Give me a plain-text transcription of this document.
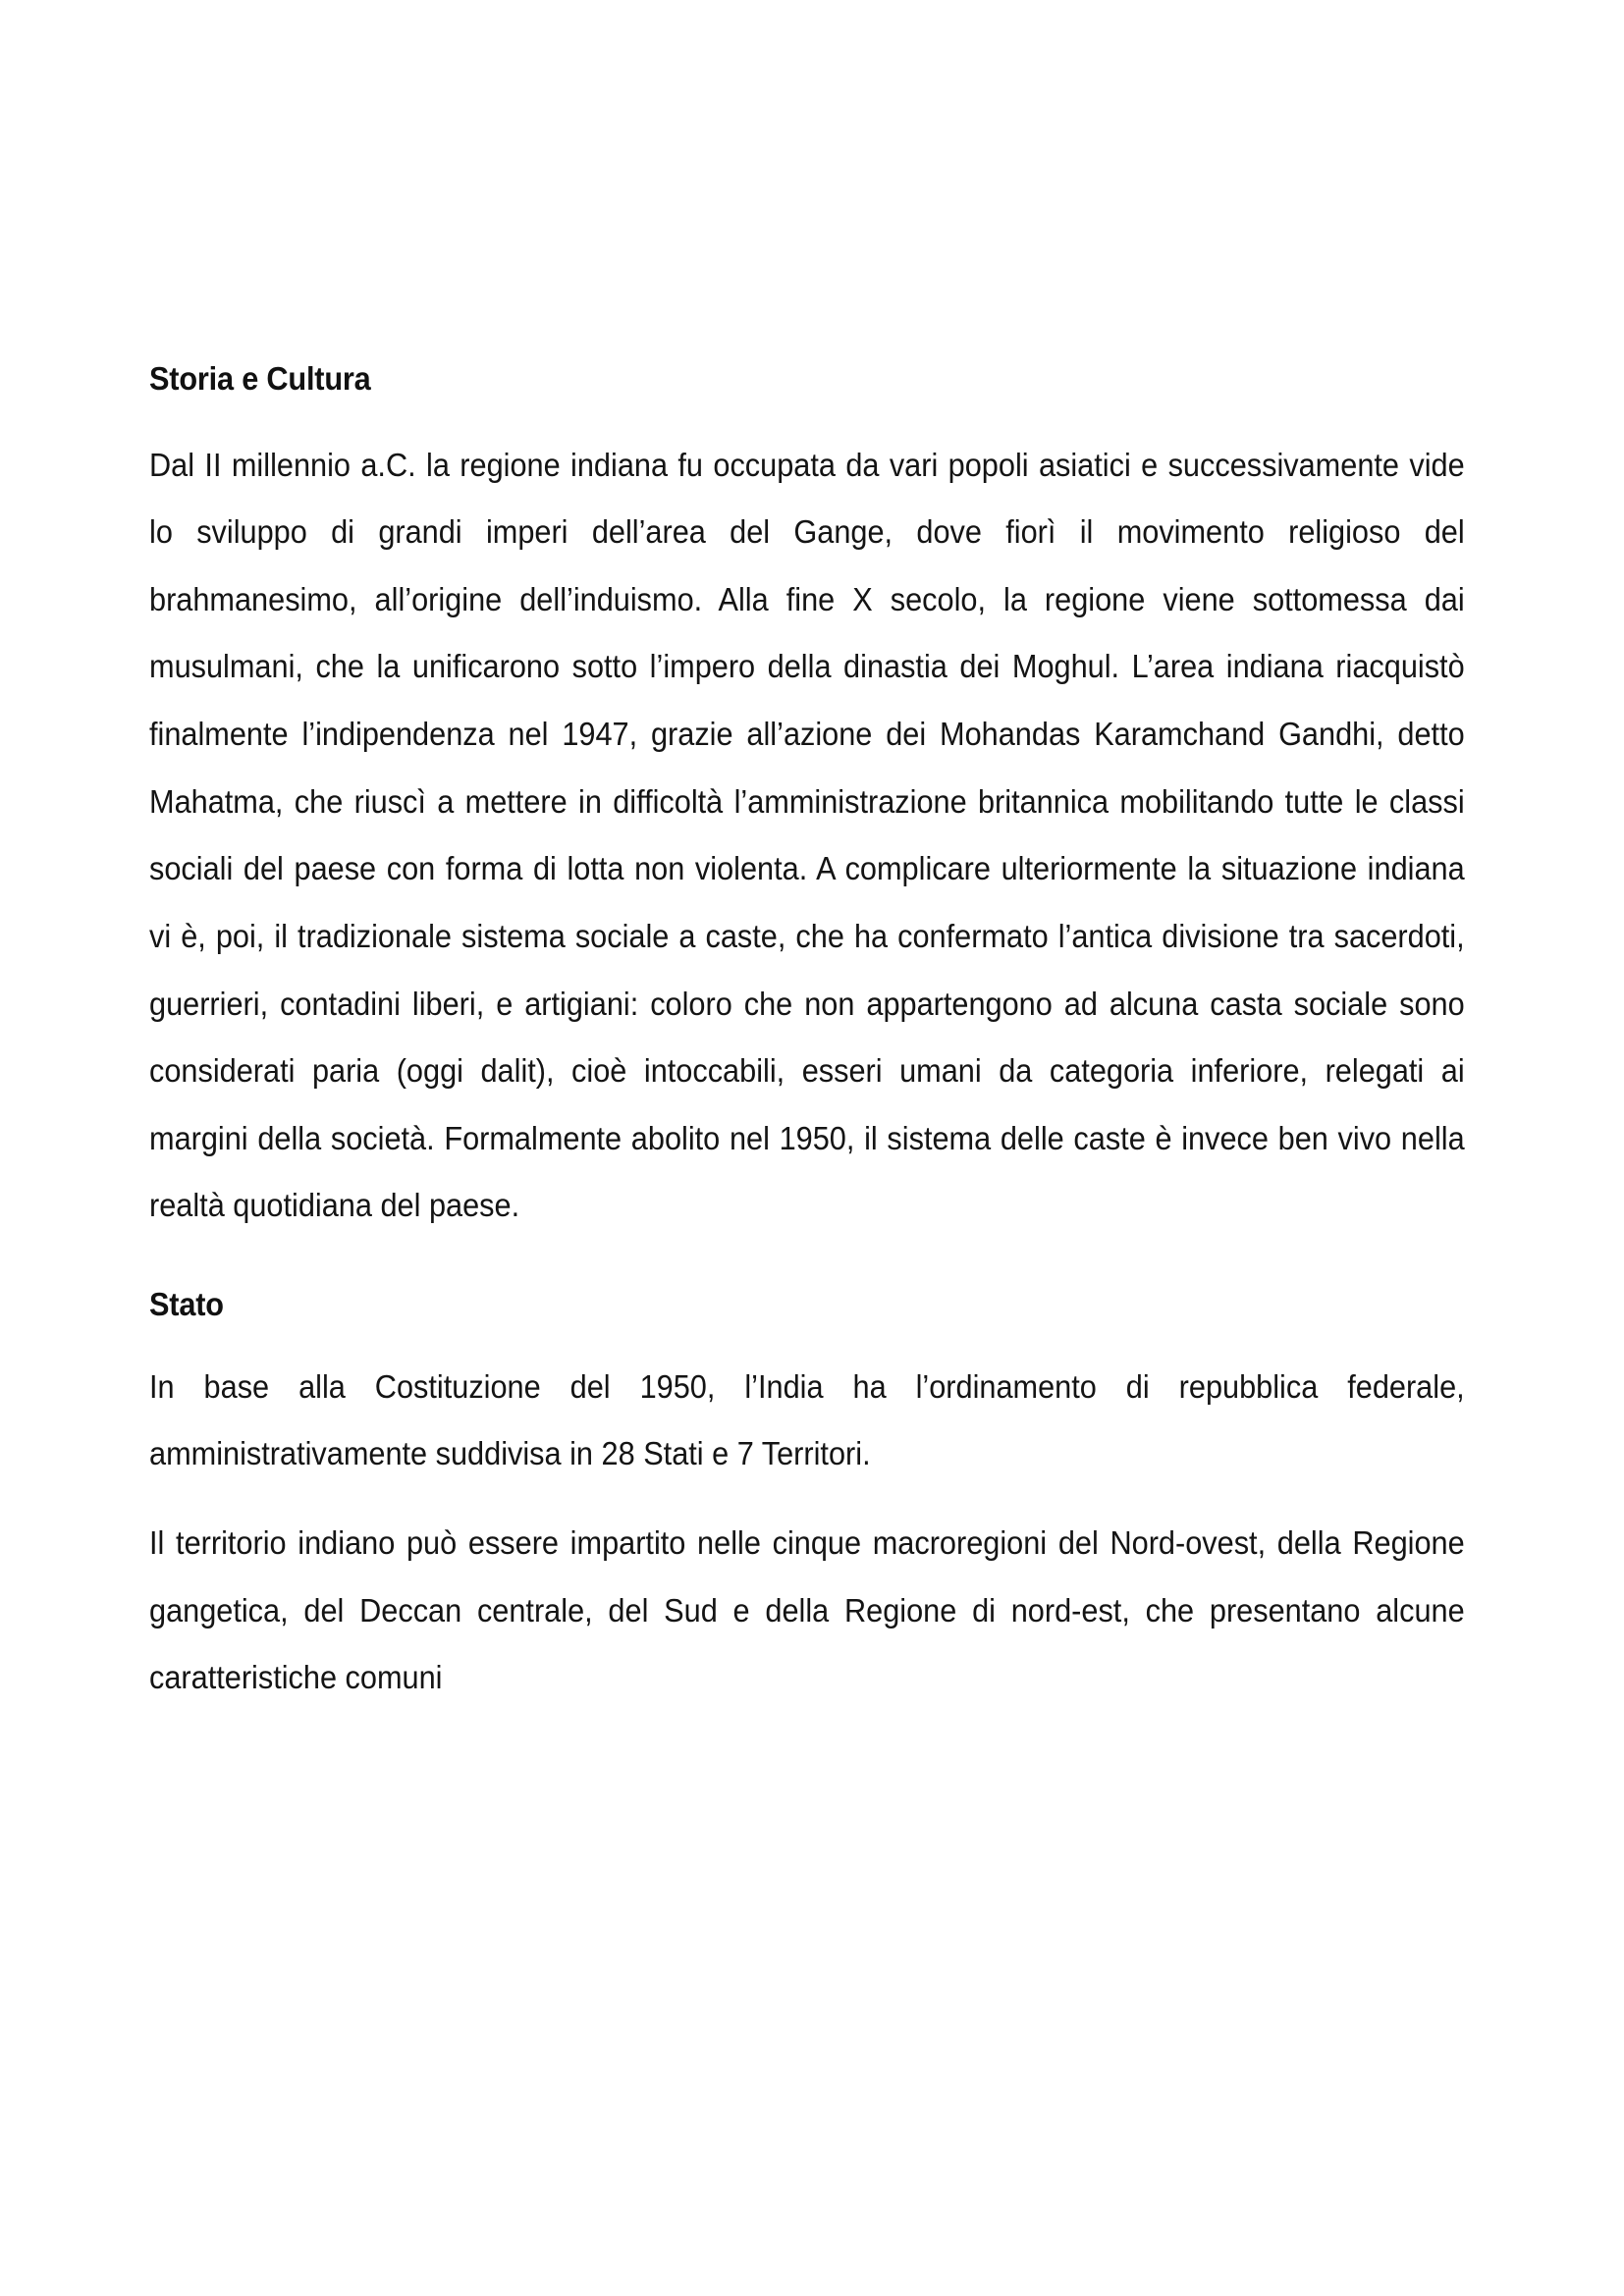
Storia e Cultura

Dal II millennio a.C. la regione indiana fu occupata da vari popoli asiatici e successivamente vide lo sviluppo di grandi imperi dell’area del Gange, dove fiorì il movimento religioso del brahmanesimo, all’origine dell’induismo. Alla fine X secolo, la regione viene sottomessa dai musulmani, che la unificarono sotto l’impero della dinastia dei Moghul. L’area indiana riacquistò finalmente l’indipendenza nel 1947, grazie all’azione dei Mohandas Karamchand Gandhi, detto Mahatma, che riuscì a mettere in difficoltà l’amministrazione britannica mobilitando tutte le classi sociali del paese con forma di lotta non violenta. A complicare ulteriormente la situazione indiana vi è, poi, il tradizionale sistema sociale a caste, che ha confermato l’antica divisione tra sacerdoti, guerrieri, contadini liberi, e artigiani: coloro che non appartengono ad alcuna casta sociale sono considerati paria (oggi dalit), cioè intoccabili, esseri umani da categoria inferiore, relegati ai margini della società. Formalmente abolito nel 1950, il sistema delle caste è invece ben vivo nella realtà quotidiana del paese.

Stato

In base alla Costituzione del 1950, l’India ha l’ordinamento di repubblica federale, amministrativamente suddivisa in 28 Stati e 7 Territori.

Il territorio indiano può essere impartito nelle cinque macroregioni del Nord-ovest, della Regione gangetica, del Deccan centrale, del Sud e della Regione di nord-est, che presentano alcune caratteristiche comuni
